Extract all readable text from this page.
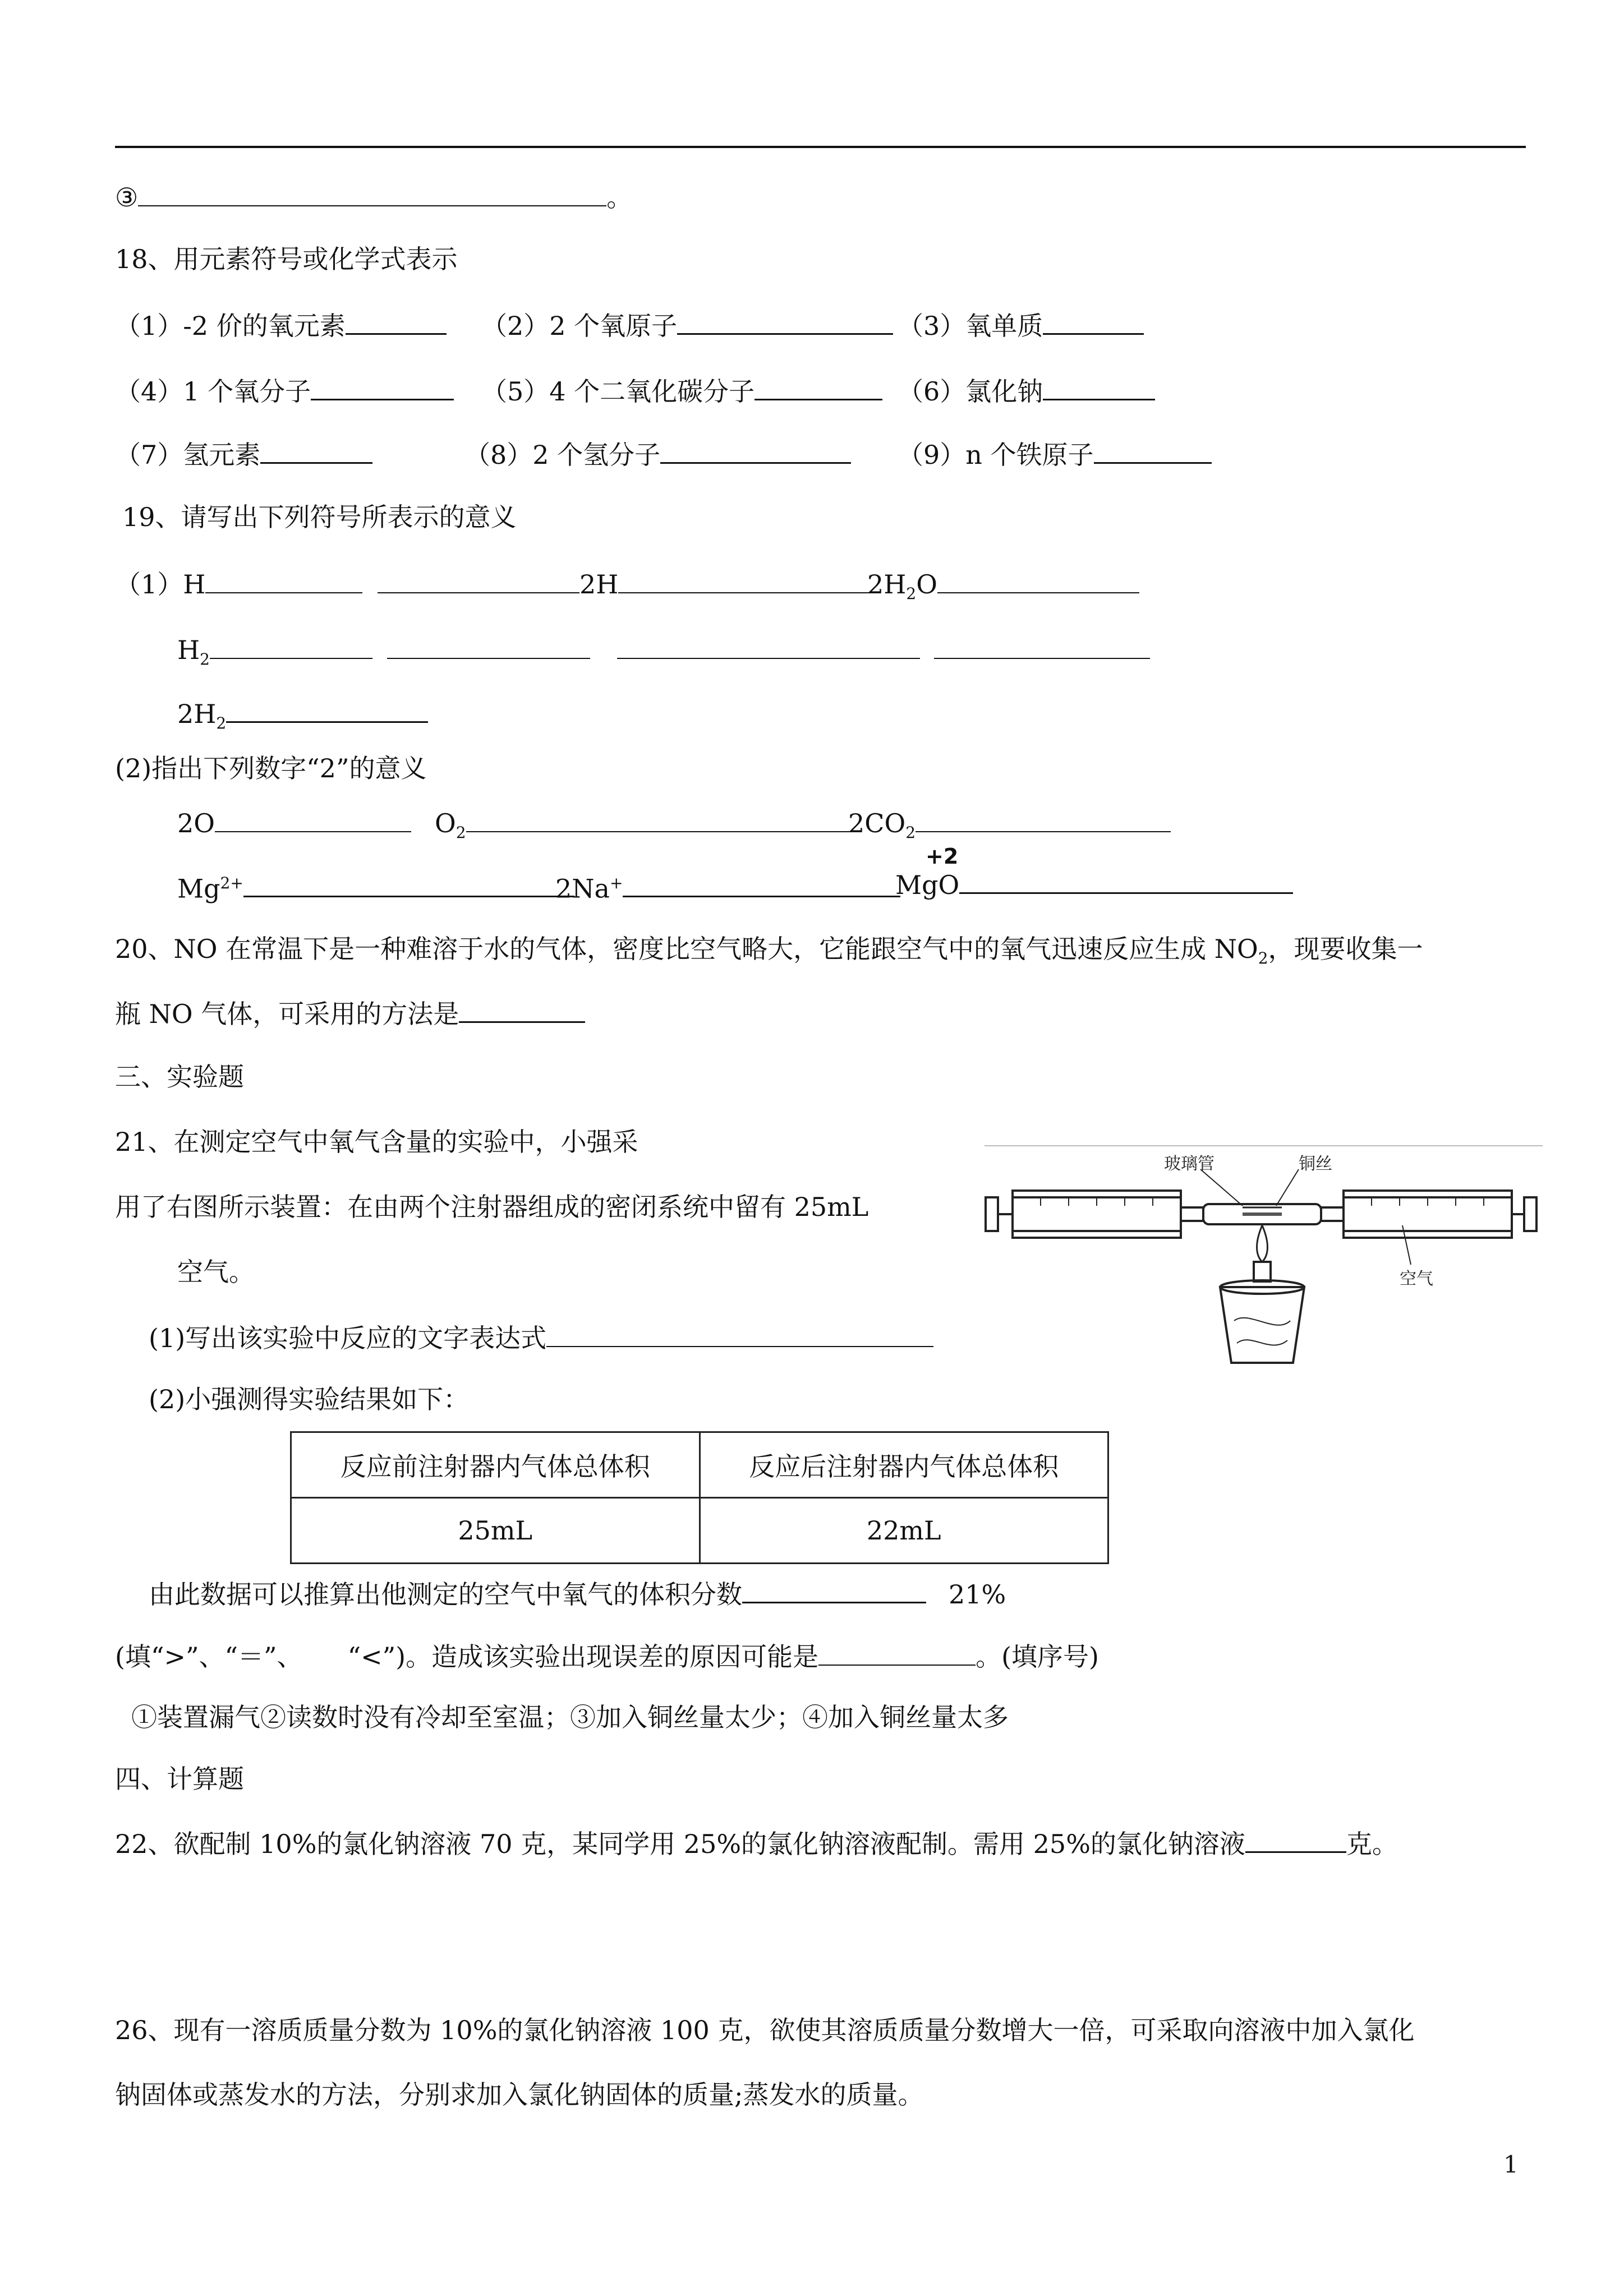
③	。
18、用元素符号或化学式表示
（1）-2 价的氧元素	（2）2 个氧原子	（3）氧单质
（4）1 个氧分子	（5）4 个二氧化碳分子	（6）氯化钠
（7）氢元素	（8）2 个氢分子	（9）n 个铁原子
19、请写出下列符号所表示的意义
（1）H	2H	$2H_2O$
$H_2$
$2H_2$
(2)指出下列数字“2”的意义
2O	$O_2$	$2CO_2$
$Mg^{2+}$	2Na+
+2
MgO
20、NO 在常温下是一种难溶于水的气体，密度比空气略大，它能跟空气中的氧气迅速反应生成 $NO_2$，现要收集一
瓶 NO 气体，可采用的方法是
三、实验题
21、在测定空气中氧气含量的实验中，小强采
用了右图所示装置：在由两个注射器组成的密闭系统中留有 25mL
空气。
玻璃管	铜丝
空气
(1)写出该实验中反应的文字表达式
(2)小强测得实验结果如下：
反应前注射器内气体总体积	反应后注射器内气体总体积
25mL	22mL
由此数据可以推算出他测定的空气中氧气的体积分数	21%
(填“>”、“＝”、 “<”)。造成该实验出现误差的原因可能是	。(填序号)
①装置漏气②读数时没有冷却至室温；③加入铜丝量太少；④加入铜丝量太多
四、计算题
22、欲配制 10%的氯化钠溶液 70 克，某同学用 25%的氯化钠溶液配制。需用 25%的氯化钠溶液	克。
26、现有一溶质质量分数为 10%的氯化钠溶液 100 克，欲使其溶质质量分数增大一倍，可采取向溶液中加入氯化
钠固体或蒸发水的方法，分别求加入氯化钠固体的质量;蒸发水的质量。
1
